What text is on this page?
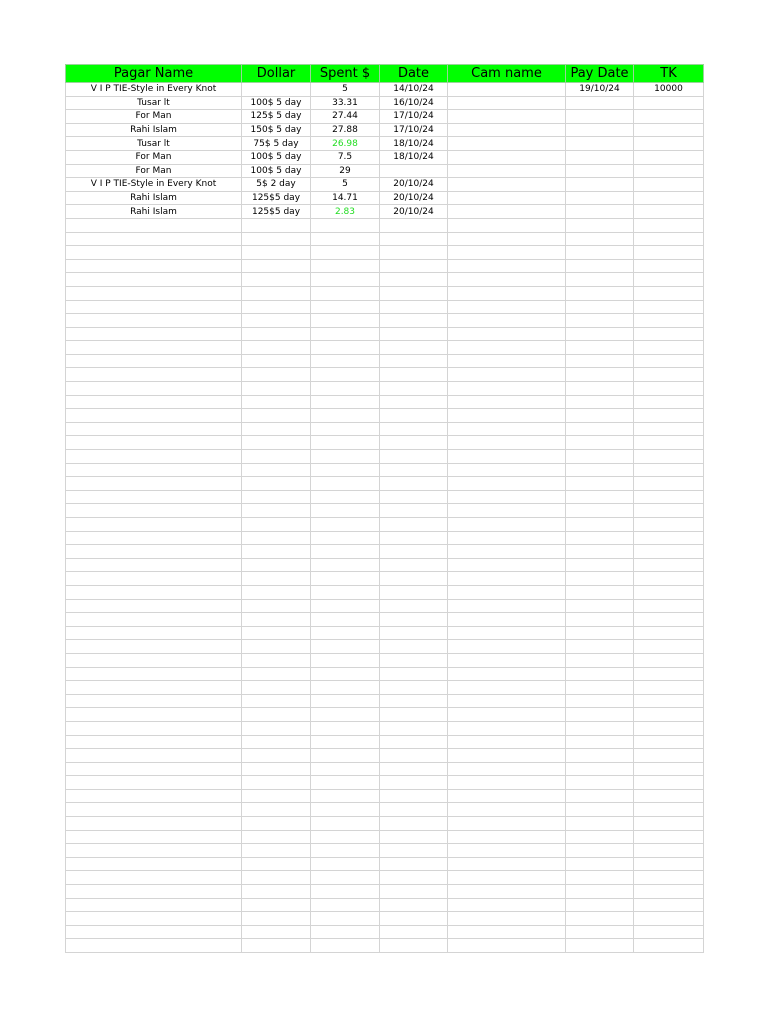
Pagar Name	Dollar	Spent $	Date	Cam name	Pay Date	TK
V I P TIE-Style in Every Knot		5	14/10/24		19/10/24	10000
Tusar lt	100$ 5 day	33.31	16/10/24			
For Man	125$ 5 day	27.44	17/10/24			
Rahi Islam	150$ 5 day	27.88	17/10/24			
Tusar lt	75$ 5 day	26.98	18/10/24			
For Man	100$ 5 day	7.5	18/10/24			
For Man	100$ 5 day	29				
V I P TIE-Style in Every Knot	5$ 2 day	5	20/10/24			
Rahi Islam	125$5 day	14.71	20/10/24			
Rahi Islam	125$5 day	2.83	20/10/24			
